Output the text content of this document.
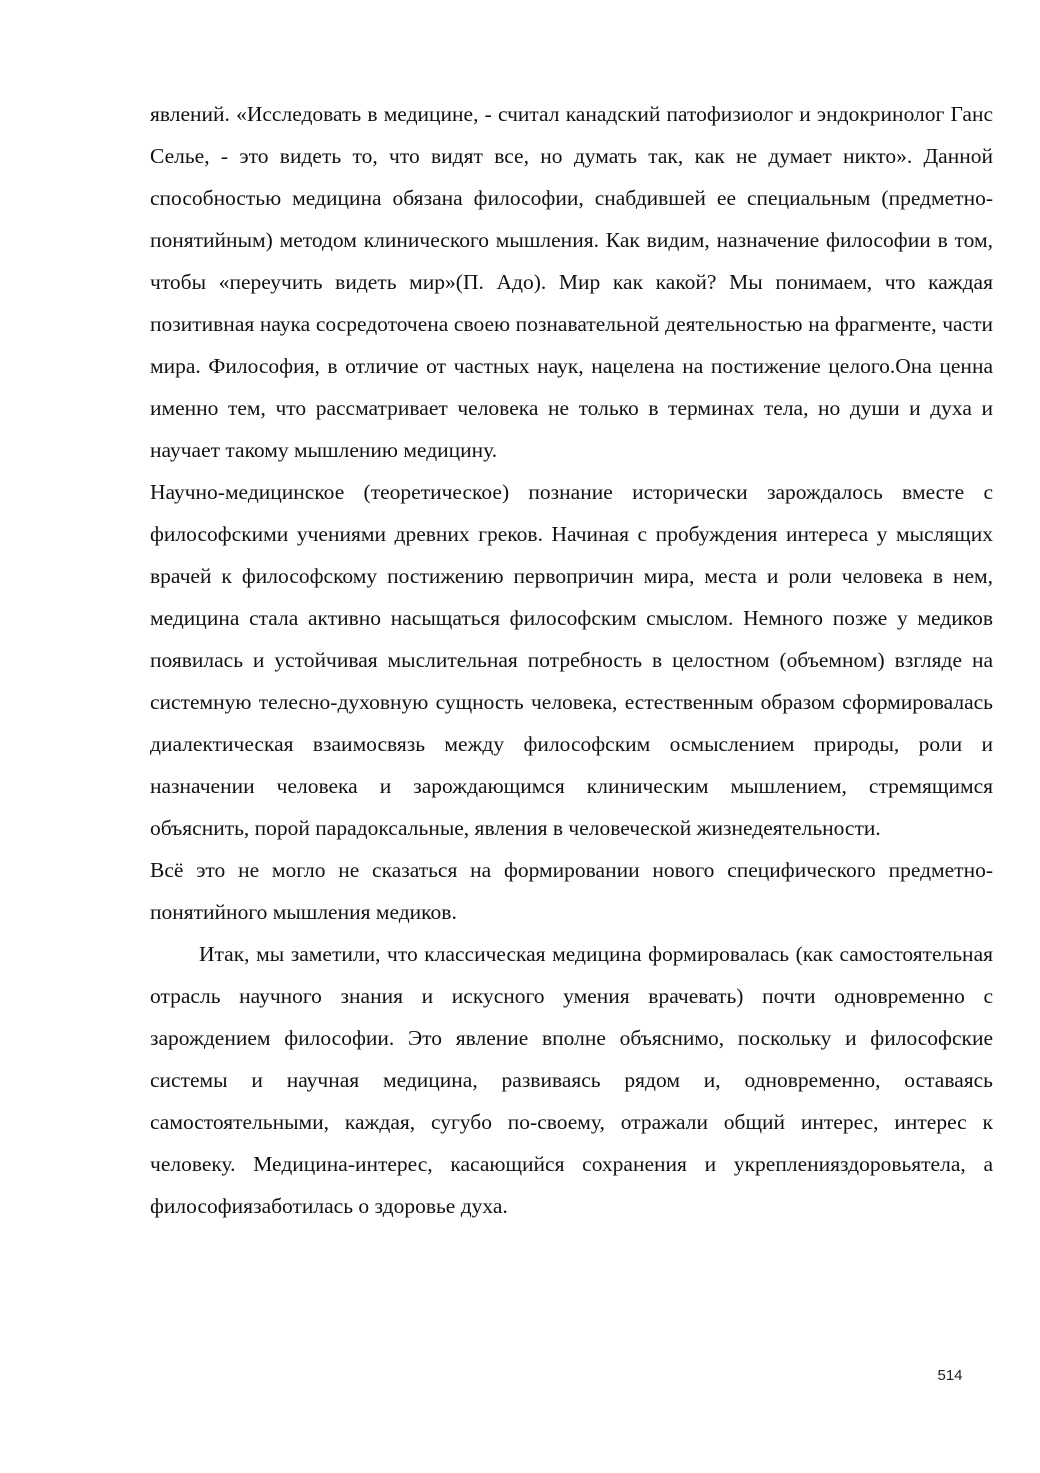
явлений. «Исследовать в медицине, - считал канадский патофизиолог и эндокринолог Ганс Селье, - это видеть то, что видят все, но думать так, как не думает никто». Данной способностью медицина обязана философии, снабдившей ее специальным (предметно-понятийным) методом клинического мышления. Как видим, назначение философии в том, чтобы «переучить видеть мир»(П. Адо). Мир как какой? Мы понимаем, что каждая позитивная наука сосредоточена своею познавательной деятельностью на фрагменте, части мира. Философия, в отличие от частных наук, нацелена на постижение целого.Она ценна именно тем, что рассматривает человека не только в терминах тела, но души и духа и научает такому мышлению медицину.

Научно-медицинское (теоретическое) познание исторически зарождалось вместе с философскими учениями древних греков. Начиная с пробуждения интереса у мыслящих врачей к философскому постижению первопричин мира, места и роли человека в нем, медицина стала активно насыщаться философским смыслом. Немного позже у медиков появилась и устойчивая мыслительная потребность в целостном (объемном) взгляде на системную телесно-духовную сущность человека, естественным образом сформировалась диалектическая взаимосвязь между философским осмыслением природы, роли и назначении человека и зарождающимся клиническим мышлением, стремящимся объяснить, порой парадоксальные, явления в человеческой жизнедеятельности.

Всё это не могло не сказаться на формировании нового специфического предметно-понятийного мышления медиков.

Итак, мы заметили, что классическая медицина формировалась (как самостоятельная отрасль научного знания и искусного умения врачевать) почти одновременно с зарождением философии. Это явление вполне объяснимо, поскольку и философские системы и научная медицина, развиваясь рядом и, одновременно, оставаясь самостоятельными, каждая, сугубо по-своему, отражали общий интерес, интерес к человеку. Медицина-интерес, касающийся сохранения и укрепленияздоровьятела, а философиязаботилась о здоровье духа.

514
